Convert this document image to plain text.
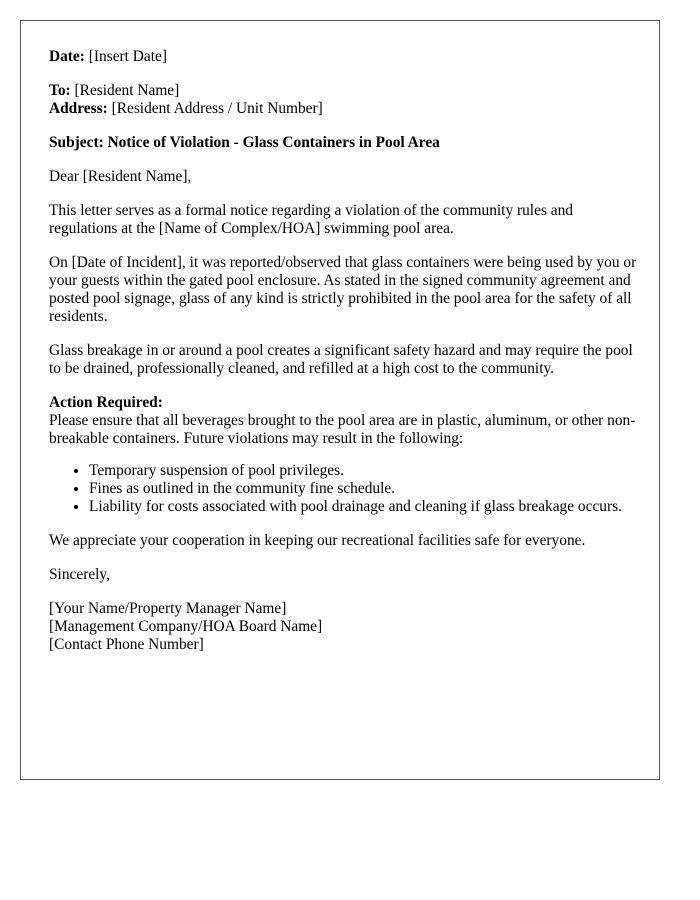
Date: [Insert Date]

To: [Resident Name]
Address: [Resident Address / Unit Number]

Subject: Notice of Violation - Glass Containers in Pool Area

Dear [Resident Name],

This letter serves as a formal notice regarding a violation of the community rules and regulations at the [Name of Complex/HOA] swimming pool area.

On [Date of Incident], it was reported/observed that glass containers were being used by you or your guests within the gated pool enclosure. As stated in the signed community agreement and posted pool signage, glass of any kind is strictly prohibited in the pool area for the safety of all residents.

Glass breakage in or around a pool creates a significant safety hazard and may require the pool to be drained, professionally cleaned, and refilled at a high cost to the community.

Action Required:
Please ensure that all beverages brought to the pool area are in plastic, aluminum, or other non-breakable containers. Future violations may result in the following:

• Temporary suspension of pool privileges.
• Fines as outlined in the community fine schedule.
• Liability for costs associated with pool drainage and cleaning if glass breakage occurs.

We appreciate your cooperation in keeping our recreational facilities safe for everyone.

Sincerely,

[Your Name/Property Manager Name]
[Management Company/HOA Board Name]
[Contact Phone Number]
